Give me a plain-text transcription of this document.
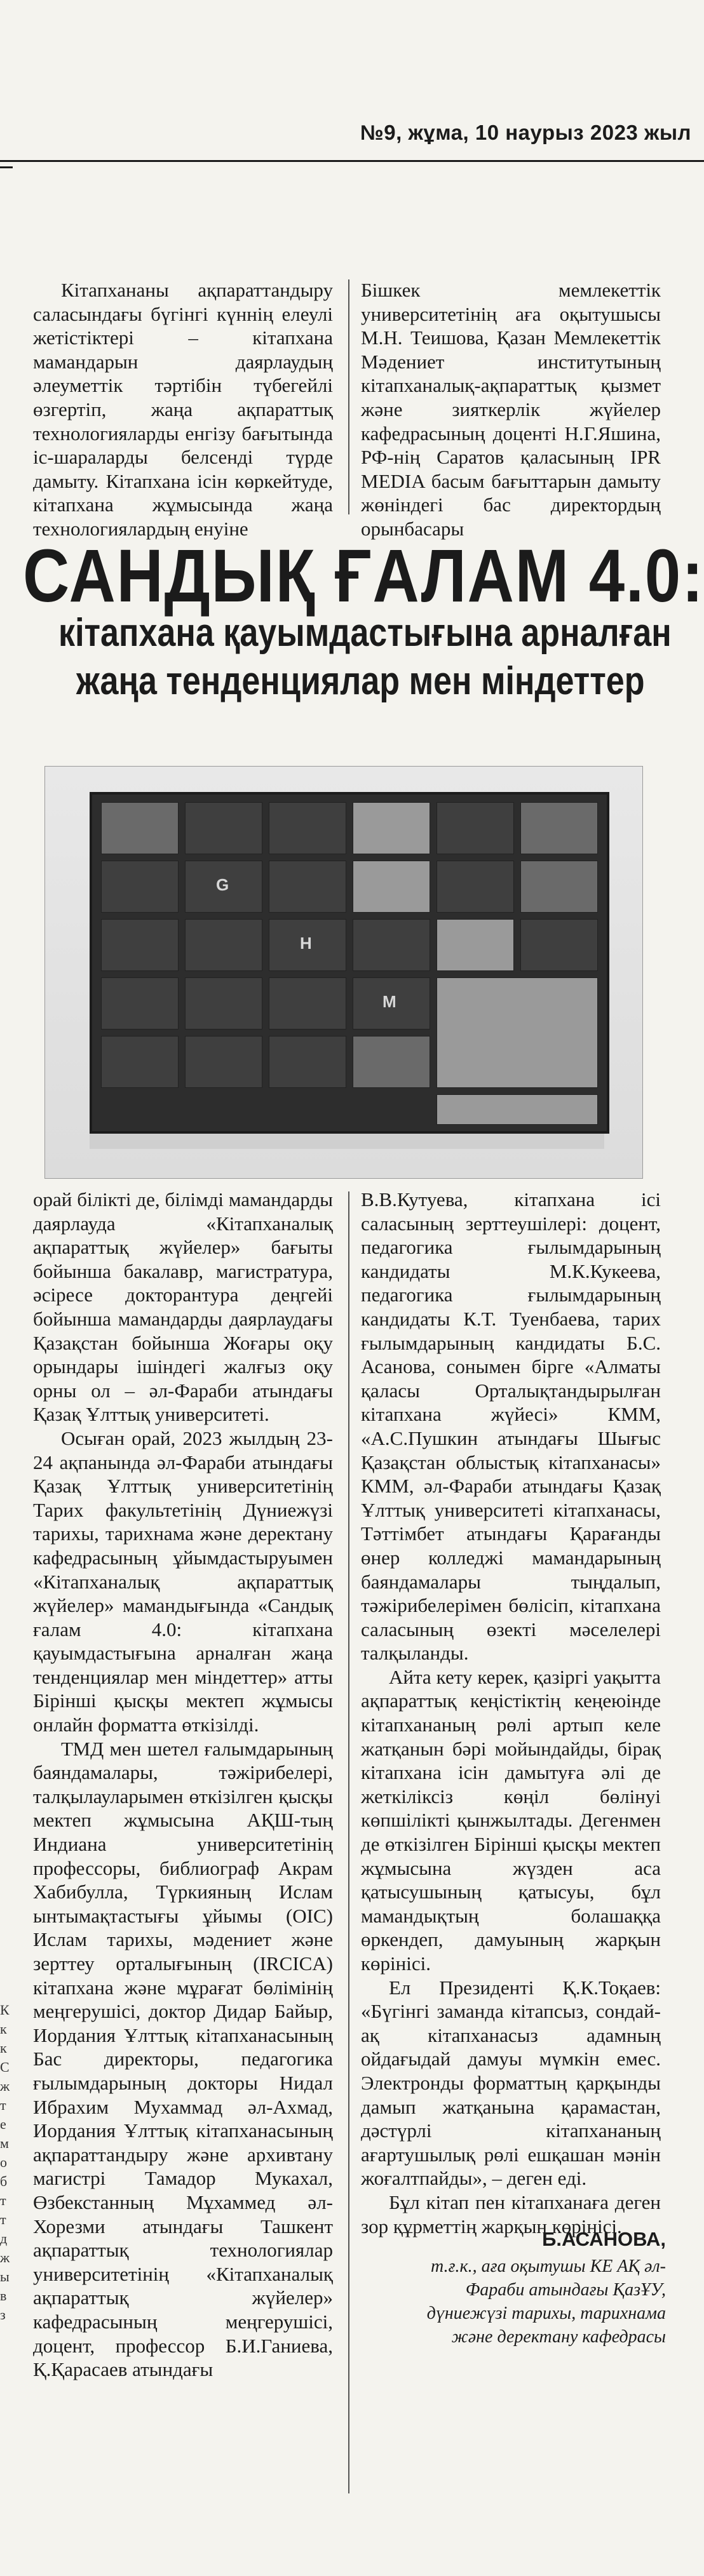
№9, жұма, 10 наурыз 2023 жыл

Кітапхананы ақпараттандыру саласындағы бүгінгі күннің елеулі жетістіктері – кітапхана мамандарын даярлаудың әлеуметтік тәртібін түбегейлі өзгертіп, жаңа ақпараттық технологияларды енгізу бағытында іс-шараларды белсенді түрде дамыту. Кітапхана ісін көркейтуде, кітапхана жұмысында жаңа технологиялардың енуіне

Бішкек мемлекеттік университетінің аға оқытушысы М.Н. Теишова, Қазан Мемлекеттік Мәдениет институтының кітапханалық-ақпараттық қызмет және зияткерлік жүйелер кафедрасының доценті Н.Г.Яшина, РФ-нің Саратов қаласының IPR MEDIA басым бағыттарын дамыту жөніндегі бас директордың орынбасары

САНДЫҚ ҒАЛАМ 4.0:
кітапхана қауымдастығына арналған
жаңа тенденциялар мен міндеттер
G
H
M

орай білікті де, білімді мамандарды даярлауда «Кітапханалық ақпараттық жүйелер» бағыты бойынша бакалавр, магистратура, әсіресе докторантура деңгейі бойынша мамандарды даярлаудағы Қазақстан бойынша Жоғары оқу орындары ішіндегі жалғыз оқу орны ол – әл-Фараби атындағы Қазақ Ұлттық университеті.

Осыған орай, 2023 жылдың 23-24 ақпанында әл-Фараби атындағы Қазақ Ұлттық университетінің Тарих факультетінің Дүниежүзі тарихы, тарихнама және деректану кафедрасының ұйымдастыруымен «Кітапханалық ақпараттық жүйелер» мамандығында «Сандық ғалам 4.0: кітапхана қауымдастығына арналған жаңа тенденциялар мен міндеттер» атты Бірінші қысқы мектеп жұмысы онлайн форматта өткізілді.

ТМД мен шетел ғалымдарының баяндамалары, тәжірибелері, талқылауларымен өткізілген қысқы мектеп жұмысына АҚШ-тың Индиана университетінің профессоры, библиограф Акрам Хабибулла, Түркияның Ислам ынтымақтастығы ұйымы (OIC) Ислам тарихы, мәдениет және зерттеу орталығының (IRCICA) кітапхана және мұрағат бөлімінің меңгерушісі, доктор Дидар Байыр, Иордания Ұлттық кітапханасының Бас директоры, педагогика ғылымдарының докторы Нидал Ибрахим Мухаммад әл-Ахмад, Иордания Ұлттық кітапханасының ақпараттандыру және архивтану магистрі Тамадор Мукахал, Өзбекстанның Мұхаммед әл-Хорезми атындағы Ташкент ақпараттық технологиялар университетінің «Кітапханалық ақпараттық жүйелер» кафедрасының меңгерушісі, доцент, профессор Б.И.Ганиева, Қ.Қарасаев атындағы

В.В.Кутуева, кітапхана ісі саласының зерттеушілері: доцент, педагогика ғылымдарының кандидаты М.К.Кукеева, педагогика ғылымдарының кандидаты К.Т. Туенбаева, тарих ғылымдарының кандидаты Б.С. Асанова, сонымен бірге «Алматы қаласы Орталықтандырылған кітапхана жүйесі» КММ, «А.С.Пушкин атындағы Шығыс Қазақстан облыстық кітапханасы» КММ, әл-Фараби атындағы Қазақ Ұлттық университеті кітапханасы, Тәттімбет атындағы Қарағанды өнер колледжі мамандарының баяндамалары тыңдалып, тәжірибелерімен бөлісіп, кітапхана саласының өзекті мәселелері талқыланды.

Айта кету керек, қазіргі уақытта ақпараттық кеңістіктің кеңеюінде кітапхананың рөлі артып келе жатқанын бәрі мойындайды, бірақ кітапхана ісін дамытуға әлі де жеткіліксіз көңіл бөлінуі көпшілікті қынжылтады. Дегенмен де өткізілген Бірінші қысқы мектеп жұмысына жүзден аса қатысушының қатысуы, бұл мамандықтың болашаққа өркендеп, дамуының жарқын көрінісі.

Ел Президенті Қ.К.Тоқаев: «Бүгінгі заманда кітапсыз, сондай-ақ кітапханасыз адамның ойдағыдай дамуы мүмкін емес. Электронды форматтың қарқынды дамып жатқанына қарамастан, дәстүрлі кітапхананың ағартушылық рөлі ешқашан мәнін жоғалтпайды», – деген еді.

Бұл кітап пен кітапханаға деген зор құрметтің жарқын көрінісі.

Б.АСАНОВА,
т.ғ.к., аға оқытушы КЕ АҚ әл-Фараби атындағы ҚазҰУ, дүниежүзі тарихы, тарихнама және деректану кафедрасы
К к к С ж т е м о б т т д ж ы в з
